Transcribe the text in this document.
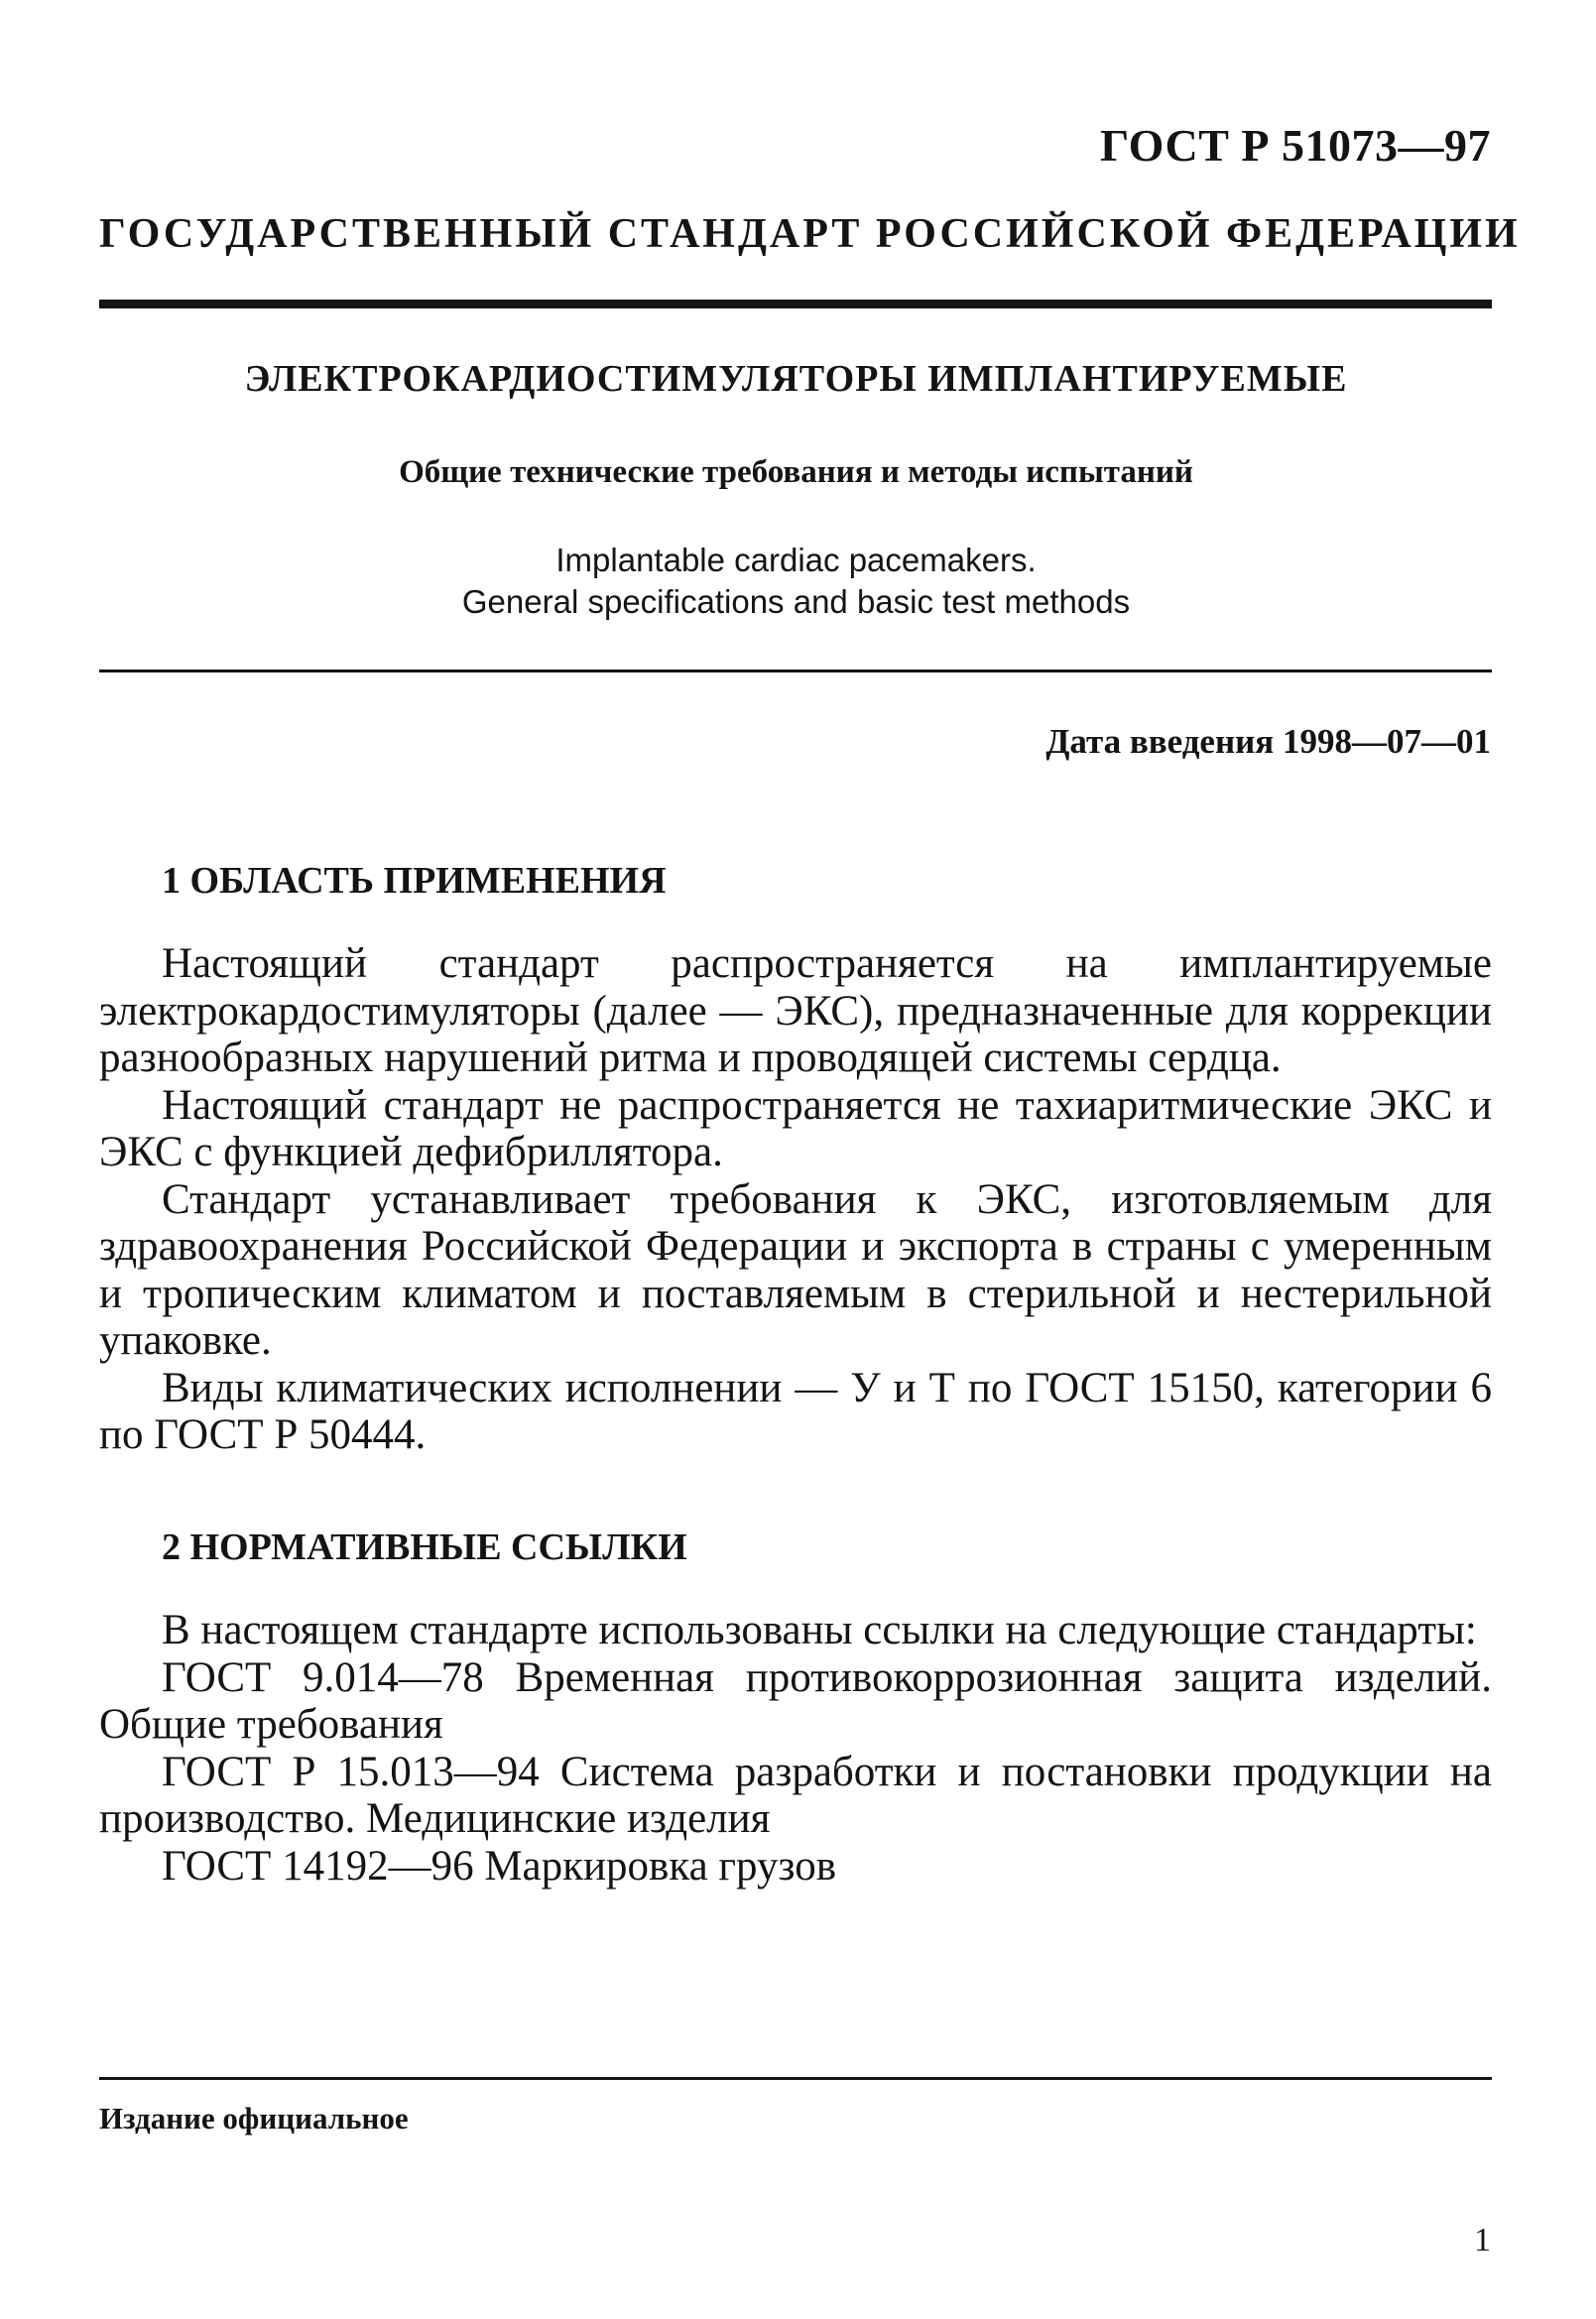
ГОСТ Р 51073—97
ГОСУДАРСТВЕННЫЙ СТАНДАРТ РОССИЙСКОЙ ФЕДЕРАЦИИ
ЭЛЕКТРОКАРДИОСТИМУЛЯТОРЫ ИМПЛАНТИРУЕМЫЕ
Общие технические требования и методы испытаний
Implantable cardiac pacemakers.
General specifications and basic test methods
Дата введения 1998—07—01
1 ОБЛАСТЬ ПРИМЕНЕНИЯ

Настоящий стандарт распространяется на имплантируемые электрокардостимуляторы (далее — ЭКС), предназначенные для коррекции разнообразных нарушений ритма и проводящей системы сердца.

Настоящий стандарт не распространяется не тахиаритмические ЭКС и ЭКС с функцией дефибриллятора.

Стандарт устанавливает требования к ЭКС, изготовляемым для здравоохранения Российской Федерации и экспорта в страны с умеренным и тропическим климатом и поставляемым в стерильной и нестерильной упаковке.

Виды климатических исполнении — У и Т по ГОСТ 15150, категории 6 по ГОСТ Р 50444.

2 НОРМАТИВНЫЕ ССЫЛКИ

В настоящем стандарте использованы ссылки на следующие стандарты:

ГОСТ 9.014—78 Временная противокоррозионная защита изделий. Общие требования

ГОСТ Р 15.013—94 Система разработки и постановки продукции на производство. Медицинские изделия

ГОСТ 14192—96 Маркировка грузов

Издание официальное
1
